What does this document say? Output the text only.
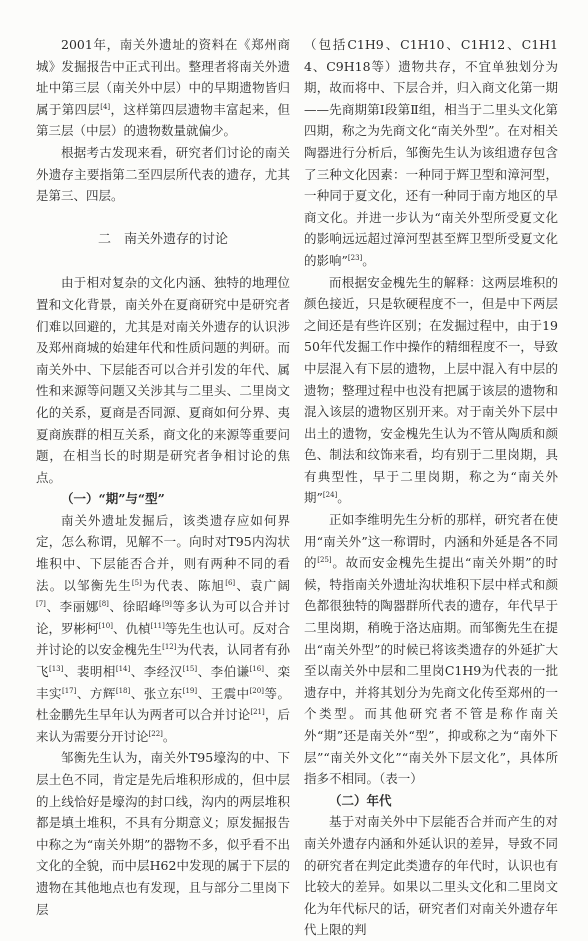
2001年，南关外遗址的资料在《郑州商城》发掘报告中正式刊出。整理者将南关外遗址中第三层（南关外中层）中的早期遗物皆归属于第四层[4]，这样第四层遗物丰富起来，但第三层（中层）的遗物数量就偏少。

根据考古发现来看，研究者们讨论的南关外遗存主要指第二至四层所代表的遗存，尤其是第三、四层。

二　南关外遗存的讨论

由于相对复杂的文化内涵、独特的地理位置和文化背景，南关外在夏商研究中是研究者们难以回避的，尤其是对南关外遗存的认识涉及郑州商城的始建年代和性质问题的判研。而南关外中、下层能否可以合并引发的年代、属性和来源等问题又关涉其与二里头、二里岗文化的关系，夏商是否同源、夏商如何分界、夷夏商族群的相互关系，商文化的来源等重要问题，在相当长的时期是研究者争相讨论的焦点。

（一）“期”与“型”

南关外遗址发掘后，该类遗存应如何界定，怎么称谓，见解不一。向时对T95内沟状堆积中、下层能否合并，则有两种不同的看法。以邹衡先生[5]为代表、陈旭[6]、袁广阔[7]、李丽娜[8]、徐昭峰[9]等多认为可以合并讨论，罗彬柯[10]、仇楨[11]等先生也认可。反对合并讨论的以安金槐先生[12]为代表，认同者有孙飞[13]、裴明相[14]、李经汉[15]、李伯谦[16]、栾丰实[17]、方辉[18]、张立东[19]、王震中[20]等。杜金鹏先生早年认为两者可以合并讨论[21]，后来认为需要分开讨论[22]。

邹衡先生认为，南关外T95壕沟的中、下层土色不同，肯定是先后堆积形成的，但中层的上线恰好是壕沟的封口线，沟内的两层堆积都是填土堆积，不具有分期意义；原发掘报告中称之为“南关外期”的器物不多，似乎看不出文化的全貌，而中层H62中发现的属于下层的遗物在其他地点也有发现，且与部分二里岗下层

（包括C1H9、C1H10、C1H12、C1H14、C9H18等）遗物共存，不宜单独划分为期，故而将中、下层合并，归入商文化第一期——先商期第Ⅰ段第Ⅱ组，相当于二里头文化第四期，称之为先商文化“南关外型”。在对相关陶器进行分析后，邹衡先生认为该组遗存包含了三种文化因素：一种同于辉卫型和漳河型，一种同于夏文化，还有一种同于南方地区的早商文化。并进一步认为“南关外型所受夏文化的影响远远超过漳河型甚至辉卫型所受夏文化的影响”[23]。

而根据安金槐先生的解释：这两层堆积的颜色接近，只是软硬程度不一，但是中下两层之间还是有些许区别；在发掘过程中，由于1950年代发掘工作中操作的精细程度不一，导致中层混入有下层的遗物，上层中混入有中层的遗物；整理过程中也没有把属于该层的遗物和混入该层的遗物区别开来。对于南关外下层中出土的遗物，安金槐先生认为不管从陶质和颜色、制法和纹饰来看，均有别于二里岗期，具有典型性，早于二里岗期，称之为“南关外期”[24]。

正如李维明先生分析的那样，研究者在使用“南关外”这一称谓时，内涵和外延是各不同的[25]。故而安金槐先生提出“南关外期”的时候，特指南关外遗址沟状堆积下层中样式和颜色都很独特的陶器群所代表的遗存，年代早于二里岗期，稍晚于洛达庙期。而邹衡先生在提出“南关外型”的时候已将该类遗存的外延扩大至以南关外中层和二里岗C1H9为代表的一批遗存中，并将其划分为先商文化传至郑州的一个类型。而其他研究者不管是称作南关外“期”还是南关外“型”，抑或称之为“南外下层”“南关外文化”“南关外下层文化”，具体所指多不相同。（表一）

（二）年代

基于对南关外中下层能否合并而产生的对南关外遗存内涵和外延认识的差异，导致不同的研究者在判定此类遗存的年代时，认识也有比较大的差异。如果以二里头文化和二里岗文化为年代标尺的话，研究者们对南关外遗存年代上限的判
